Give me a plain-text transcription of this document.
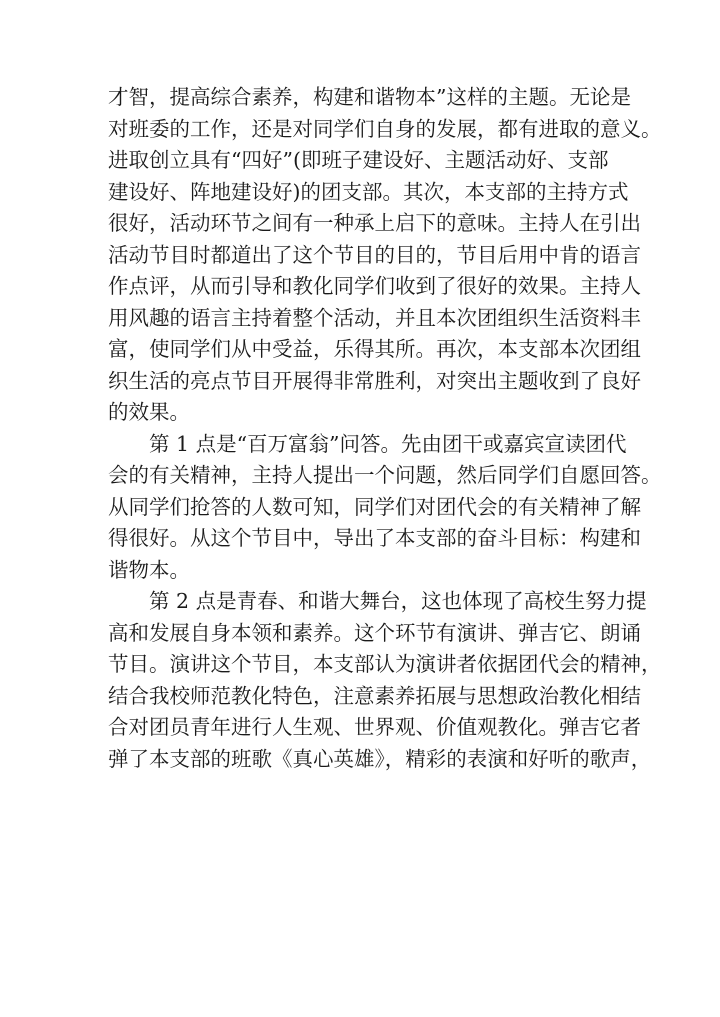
才智，提高综合素养，构建和谐物本”这样的主题。无论是
对班委的工作，还是对同学们自身的发展，都有进取的意义。
进取创立具有“四好”(即班子建设好、主题活动好、支部
建设好、阵地建设好)的团支部。其次，本支部的主持方式
很好，活动环节之间有一种承上启下的意味。主持人在引出
活动节目时都道出了这个节目的目的，节目后用中肯的语言
作点评，从而引导和教化同学们收到了很好的效果。主持人
用风趣的语言主持着整个活动，并且本次团组织生活资料丰
富，使同学们从中受益，乐得其所。再次，本支部本次团组
织生活的亮点节目开展得非常胜利，对突出主题收到了良好
的效果。
第 1 点是“百万富翁”问答。先由团干或嘉宾宣读团代
会的有关精神，主持人提出一个问题，然后同学们自愿回答。
从同学们抢答的人数可知，同学们对团代会的有关精神了解
得很好。从这个节目中，导出了本支部的奋斗目标：构建和
谐物本。
第 2 点是青春、和谐大舞台，这也体现了高校生努力提
高和发展自身本领和素养。这个环节有演讲、弹吉它、朗诵
节目。演讲这个节目，本支部认为演讲者依据团代会的精神，
结合我校师范教化特色，注意素养拓展与思想政治教化相结
合对团员青年进行人生观、世界观、价值观教化。弹吉它者
弹了本支部的班歌《真心英雄》，精彩的表演和好听的歌声，
